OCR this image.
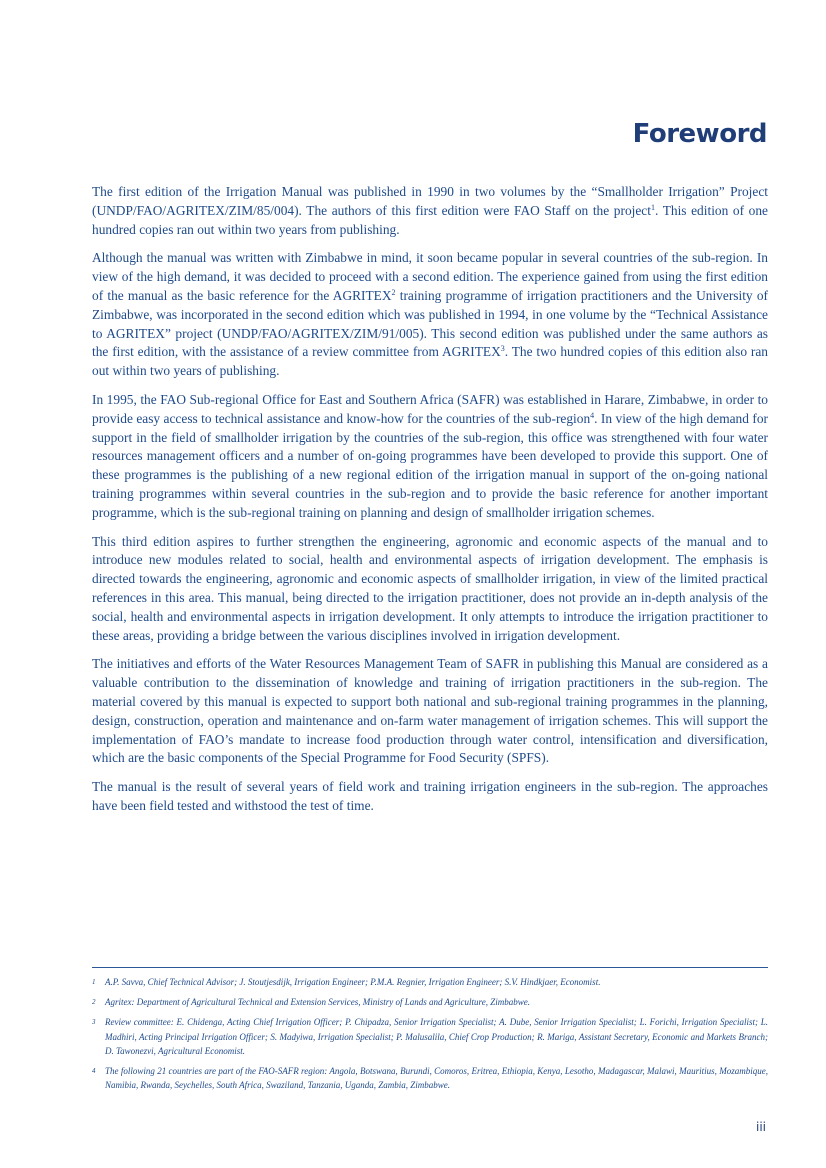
Foreword

The first edition of the Irrigation Manual was published in 1990 in two volumes by the “Smallholder Irrigation” Project (UNDP/FAO/AGRITEX/ZIM/85/004). The authors of this first edition were FAO Staff on the project$^1$. This edition of one hundred copies ran out within two years from publishing.

Although the manual was written with Zimbabwe in mind, it soon became popular in several countries of the sub-region. In view of the high demand, it was decided to proceed with a second edition. The experience gained from using the first edition of the manual as the basic reference for the AGRITEX$^2$ training programme of irrigation practitioners and the University of Zimbabwe, was incorporated in the second edition which was published in 1994, in one volume by the “Technical Assistance to AGRITEX” project (UNDP/FAO/AGRITEX/ZIM/91/005). This second edition was published under the same authors as the first edition, with the assistance of a review committee from AGRITEX$^3$. The two hundred copies of this edition also ran out within two years of publishing.

In 1995, the FAO Sub-regional Office for East and Southern Africa (SAFR) was established in Harare, Zimbabwe, in order to provide easy access to technical assistance and know-how for the countries of the sub-region$^4$. In view of the high demand for support in the field of smallholder irrigation by the countries of the sub-region, this office was strengthened with four water resources management officers and a number of on-going programmes have been developed to provide this support. One of these programmes is the publishing of a new regional edition of the irrigation manual in support of the on-going national training programmes within several countries in the sub-region and to provide the basic reference for another important programme, which is the sub-regional training on planning and design of smallholder irrigation schemes.

This third edition aspires to further strengthen the engineering, agronomic and economic aspects of the manual and to introduce new modules related to social, health and environmental aspects of irrigation development. The emphasis is directed towards the engineering, agronomic and economic aspects of smallholder irrigation, in view of the limited practical references in this area. This manual, being directed to the irrigation practitioner, does not provide an in-depth analysis of the social, health and environmental aspects in irrigation development. It only attempts to introduce the irrigation practitioner to these areas, providing a bridge between the various disciplines involved in irrigation development.

The initiatives and efforts of the Water Resources Management Team of SAFR in publishing this Manual are considered as a valuable contribution to the dissemination of knowledge and training of irrigation practitioners in the sub-region. The material covered by this manual is expected to support both national and sub-regional training programmes in the planning, design, construction, operation and maintenance and on-farm water management of irrigation schemes. This will support the implementation of FAO’s mandate to increase food production through water control, intensification and diversification, which are the basic components of the Special Programme for Food Security (SPFS).

The manual is the result of several years of field work and training irrigation engineers in the sub-region. The approaches have been field tested and withstood the test of time.

1	A.P. Savva, Chief Technical Advisor; J. Stoutjesdijk, Irrigation Engineer; P.M.A. Regnier, Irrigation Engineer; S.V. Hindkjaer, Economist.
2	Agritex: Department of Agricultural Technical and Extension Services, Ministry of Lands and Agriculture, Zimbabwe.
3	Review committee: E. Chidenga, Acting Chief Irrigation Officer; P. Chipadza, Senior Irrigation Specialist; A. Dube, Senior Irrigation Specialist; L. Forichi, Irrigation Specialist; L. Madhiri, Acting Principal Irrigation Officer; S. Madyiwa, Irrigation Specialist; P. Malusalila, Chief Crop Production; R. Mariga, Assistant Secretary, Economic and Markets Branch; D. Tawonezvi, Agricultural Economist.
4	The following 21 countries are part of the FAO-SAFR region: Angola, Botswana, Burundi, Comoros, Eritrea, Ethiopia, Kenya, Lesotho, Madagascar, Malawi, Mauritius, Mozambique, Namibia, Rwanda, Seychelles, South Africa, Swaziland, Tanzania, Uganda, Zambia, Zimbabwe.
iii
